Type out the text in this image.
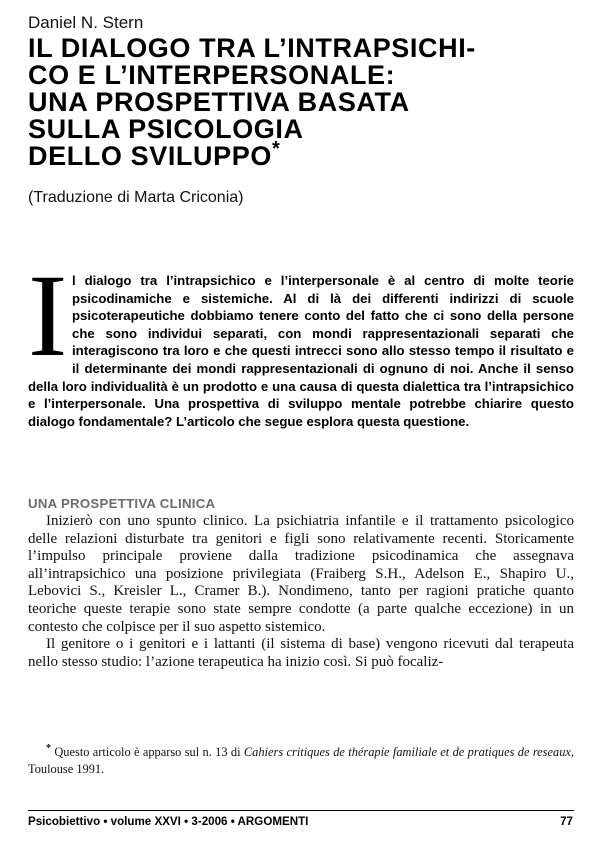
Daniel N. Stern
IL DIALOGO TRA L’INTRAPSICHI-
CO E L’INTERPERSONALE:
UNA PROSPETTIVA BASATA
SULLA PSICOLOGIA
DELLO SVILUPPO*
(Traduzione di Marta Criconia)
Il dialogo tra l’intrapsichico e l’interpersonale è al centro di molte teorie psicodinamiche e sistemiche. Al di là dei differenti indirizzi di scuole psicoterapeutiche dobbiamo tenere conto del fatto che ci sono della persone che sono individui separati, con mondi rappresentazionali separati che interagiscono tra loro e che questi intrecci sono allo stesso tempo il risultato e il determinante dei mondi rappresentazionali di ognuno di noi. Anche il senso della loro individualità è un prodotto e una causa di questa dialettica tra l’intrapsichico e l’interpersonale. Una prospettiva di sviluppo mentale potrebbe chiarire questo dialogo fondamentale? L’articolo che segue esplora questa questione.
UNA PROSPETTIVA CLINICA

Inizierò con uno spunto clinico. La psichiatria infantile e il trattamento psicologico delle relazioni disturbate tra genitori e figli sono relativamente recenti. Storicamente l’impulso principale proviene dalla tradizione psicodinamica che assegnava all’intrapsichico una posizione privilegiata (Fraiberg S.H., Adelson E., Shapiro U., Lebovici S., Kreisler L., Cramer B.). Nondimeno, tanto per ragioni pratiche quanto teoriche queste terapie sono state sempre condotte (a parte qualche eccezione) in un contesto che colpisce per il suo aspetto sistemico.

Il genitore o i genitori e i lattanti (il sistema di base) vengono ricevuti dal terapeuta nello stesso studio: l’azione terapeutica ha inizio così. Si può focaliz-

* Questo articolo è apparso sul n. 13 di Cahiers critiques de thérapie familiale et de pratiques de reseaux, Toulouse 1991.
Psicobiettivo • volume XXVI • 3-2006 • ARGOMENTI	77
